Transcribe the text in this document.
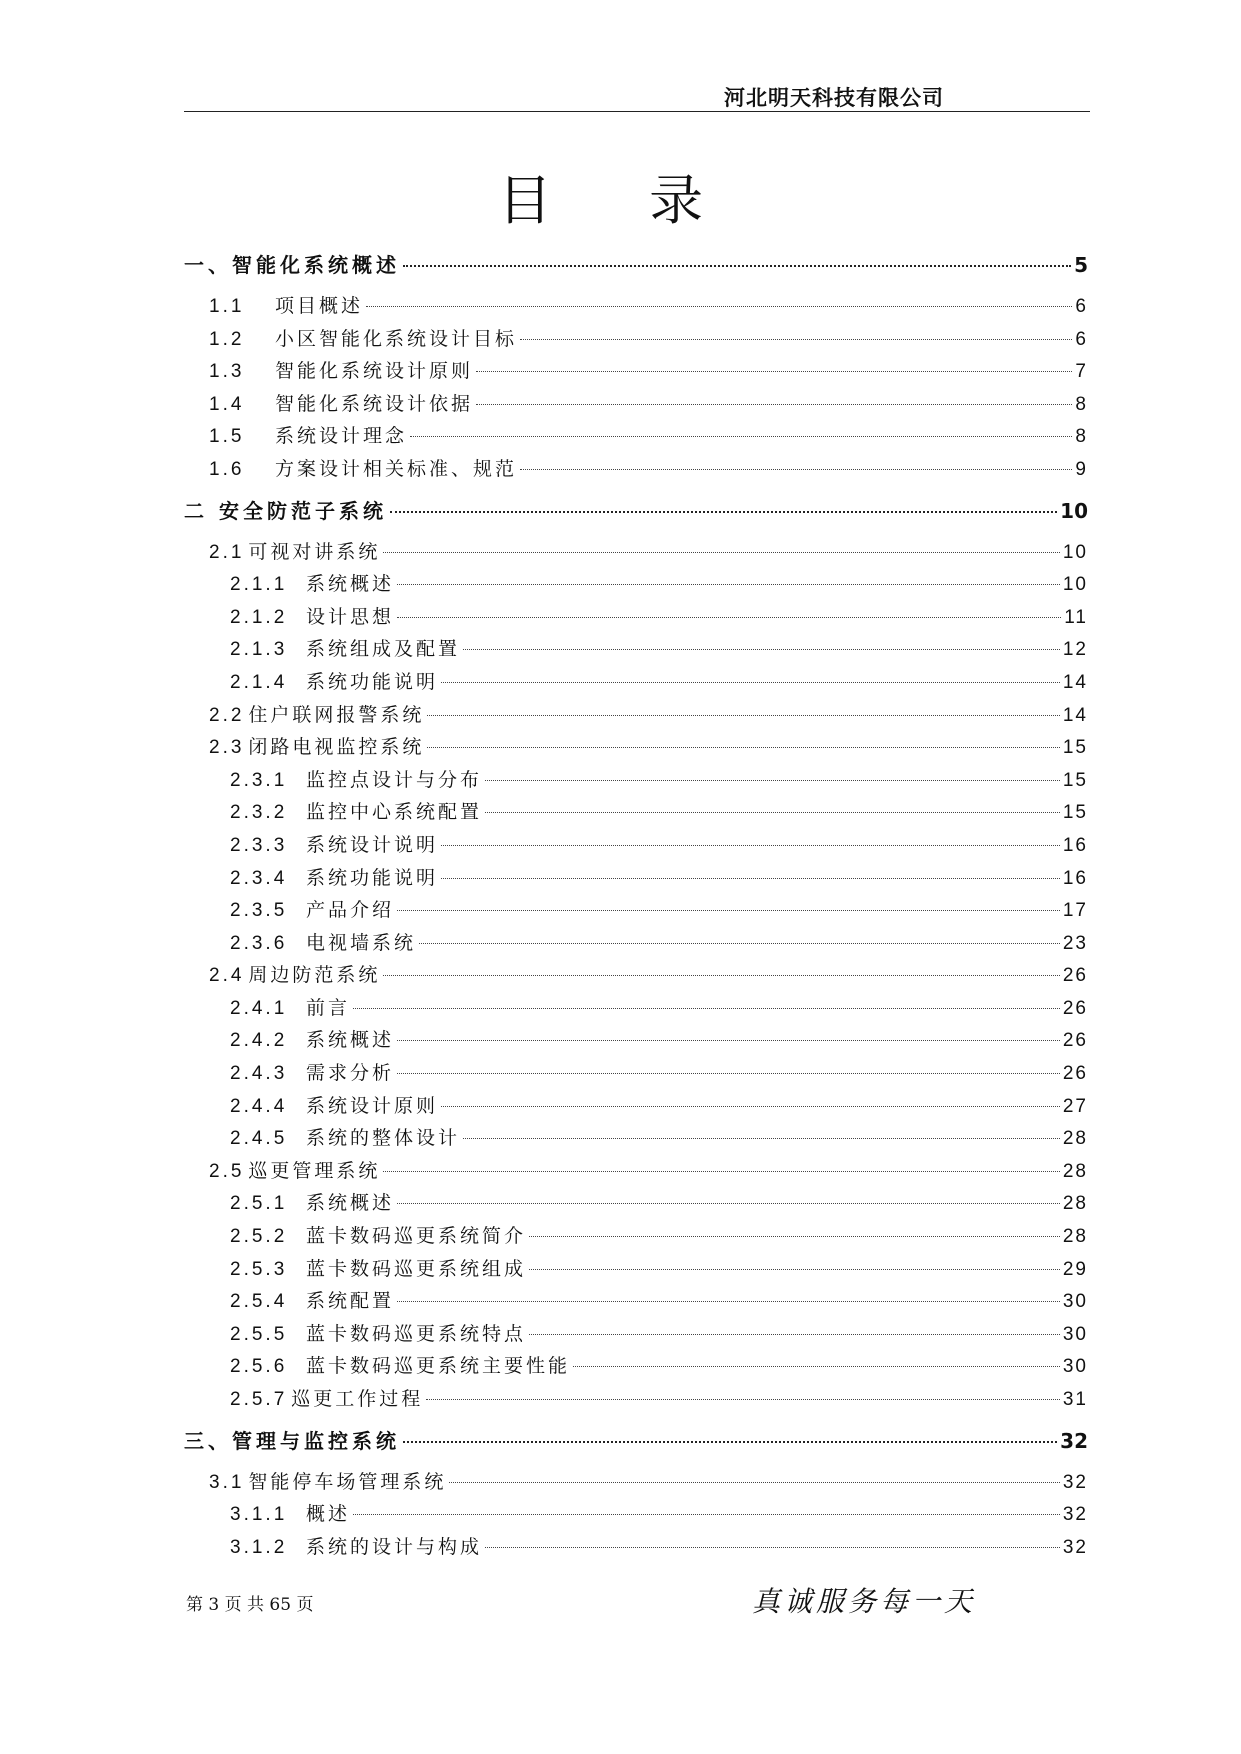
河北明天科技有限公司
目 录
一、智能化系统概述	5
1.1	项目概述	6
1.2	小区智能化系统设计目标	6
1.3	智能化系统设计原则	7
1.4	智能化系统设计依据	8
1.5	系统设计理念	8
1.6	方案设计相关标准、规范	9
二 安全防范子系统	10
2.1 可视对讲系统	10
2.1.1 系统概述	10
2.1.2 设计思想	11
2.1.3 系统组成及配置	12
2.1.4 系统功能说明	14
2.2 住户联网报警系统	14
2.3 闭路电视监控系统	15
2.3.1 监控点设计与分布	15
2.3.2 监控中心系统配置	15
2.3.3 系统设计说明	16
2.3.4 系统功能说明	16
2.3.5 产品介绍	17
2.3.6 电视墙系统	23
2.4 周边防范系统	26
2.4.1 前言	26
2.4.2 系统概述	26
2.4.3 需求分析	26
2.4.4 系统设计原则	27
2.4.5 系统的整体设计	28
2.5 巡更管理系统	28
2.5.1 系统概述	28
2.5.2 蓝卡数码巡更系统简介	28
2.5.3 蓝卡数码巡更系统组成	29
2.5.4 系统配置	30
2.5.5 蓝卡数码巡更系统特点	30
2.5.6 蓝卡数码巡更系统主要性能	30
2.5.7 巡更工作过程	31
三、管理与监控系统	32
3.1 智能停车场管理系统	32
3.1.1 概述	32
3.1.2 系统的设计与构成	32
第 3 页 共 65 页	真诚服务每一天
